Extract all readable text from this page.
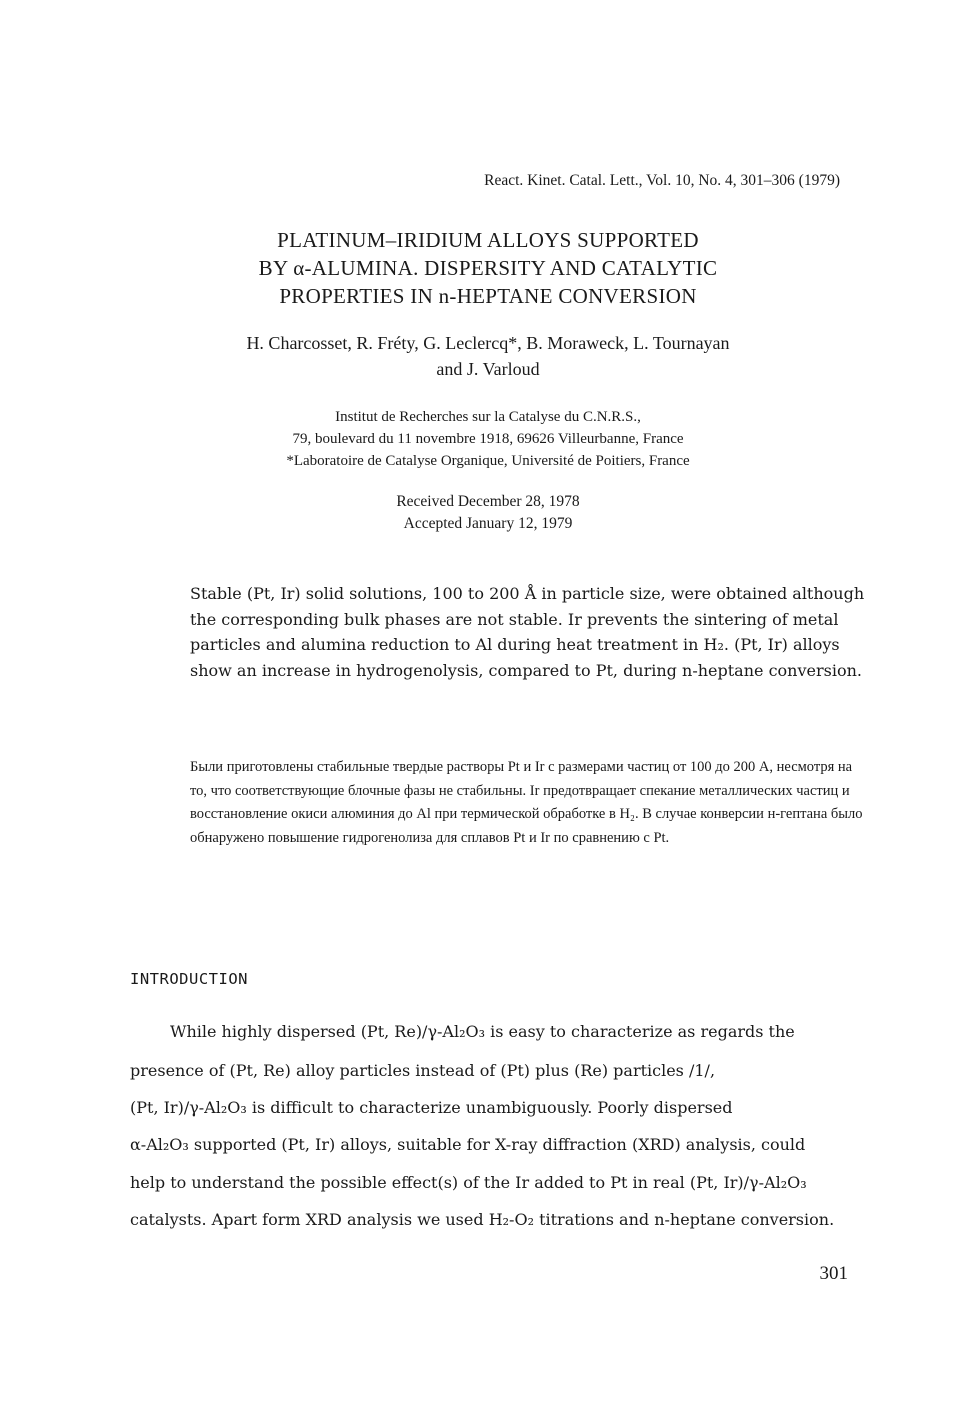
React. Kinet. Catal. Lett., Vol. 10, No. 4, 301–306 (1979)
PLATINUM–IRIDIUM ALLOYS SUPPORTED
BY α-ALUMINA. DISPERSITY AND CATALYTIC
PROPERTIES IN n-HEPTANE CONVERSION
H. Charcosset, R. Fréty, G. Leclercq*, B. Moraweck, L. Tournayan
and J. Varloud
Institut de Recherches sur la Catalyse du C.N.R.S.,
79, boulevard du 11 novembre 1918, 69626 Villeurbanne, France
*Laboratoire de Catalyse Organique, Université de Poitiers, France
Received December 28, 1978
Accepted January 12, 1979

Stable (Pt, Ir) solid solutions, 100 to 200 Å in particle size, were obtained although the corresponding bulk phases are not stable. Ir prevents the sintering of metal particles and alumina reduction to Al during heat treatment in H₂. (Pt, Ir) alloys show an increase in hydrogenolysis, compared to Pt, during n-heptane conversion.

Были приготовлены стабильные твердые растворы Pt и Ir с размерами частиц от 100 до 200 А, несмотря на то, что соответствующие блочные фазы не стабильны. Ir предотвращает спекание металлических частиц и восстановление окиси алюминия до Al при термической обработке в H₂. В случае конверсии н-гептана было обнаружено повышение гидрогенолиза для сплавов Pt и Ir по сравнению с Pt.

INTRODUCTION
While highly dispersed (Pt, Re)/γ-Al₂O₃ is easy to characterize as regards the
presence of (Pt, Re) alloy particles instead of (Pt) plus (Re) particles /1/,
(Pt, Ir)/γ-Al₂O₃ is difficult to characterize unambiguously. Poorly dispersed
α-Al₂O₃ supported (Pt, Ir) alloys, suitable for X-ray diffraction (XRD) analysis, could
help to understand the possible effect(s) of the Ir added to Pt in real (Pt, Ir)/γ-Al₂O₃
catalysts. Apart form XRD analysis we used H₂-O₂ titrations and n-heptane conversion.
301
